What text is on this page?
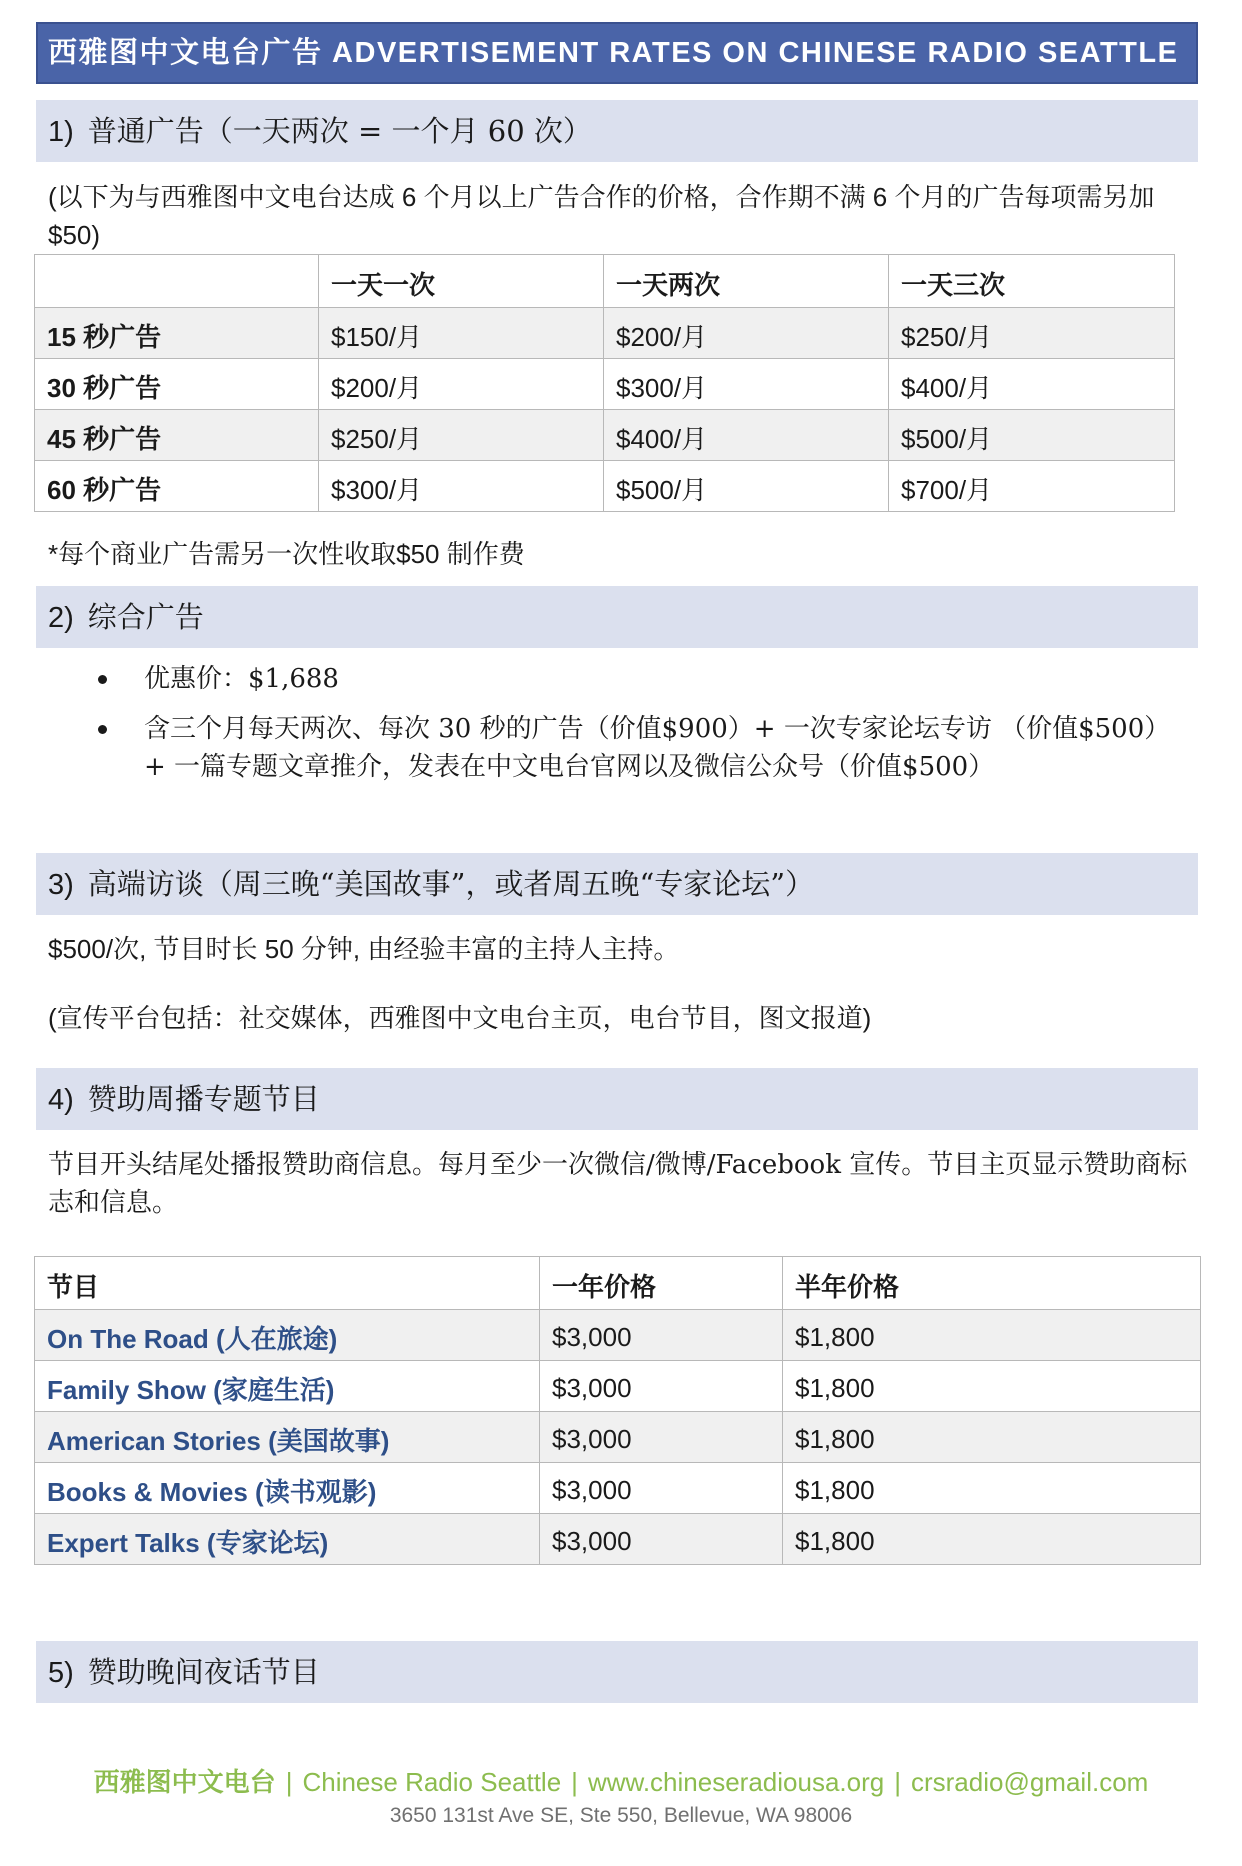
西雅图中文电台广告 ADVERTISEMENT RATES ON CHINESE RADIO SEATTLE
1) 普通广告（一天两次 = 一个月 60 次）
(以下为与西雅图中文电台达成 6 个月以上广告合作的价格，合作期不满 6 个月的广告每项需另加$50)
	一天一次	一天两次	一天三次
15 秒广告	$150/月	$200/月	$250/月
30 秒广告	$200/月	$300/月	$400/月
45 秒广告	$250/月	$400/月	$500/月
60 秒广告	$300/月	$500/月	$700/月
*每个商业广告需另一次性收取$50 制作费
2) 综合广告
优惠价：$1,688
含三个月每天两次、每次 30 秒的广告（价值$900）+ 一次专家论坛专访 （价值$500） + 一篇专题文章推介，发表在中文电台官网以及微信公众号（价值$500）
3) 高端访谈（周三晚“美国故事”，或者周五晚“专家论坛”）
$500/次, 节目时长 50 分钟, 由经验丰富的主持人主持。
(宣传平台包括：社交媒体，西雅图中文电台主页，电台节目，图文报道)
4) 赞助周播专题节目
节目开头结尾处播报赞助商信息。每月至少一次微信/微博/Facebook 宣传。节目主页显示赞助商标志和信息。
节目	一年价格	半年价格
On The Road (人在旅途)	$3,000	$1,800
Family Show (家庭生活)	$3,000	$1,800
American Stories (美国故事)	$3,000	$1,800
Books & Movies (读书观影)	$3,000	$1,800
Expert Talks (专家论坛)	$3,000	$1,800
5) 赞助晚间夜话节目
西雅图中文电台 | Chinese Radio Seattle | www.chineseradiousa.org | crsradio@gmail.com
3650 131st Ave SE, Ste 550, Bellevue, WA 98006
